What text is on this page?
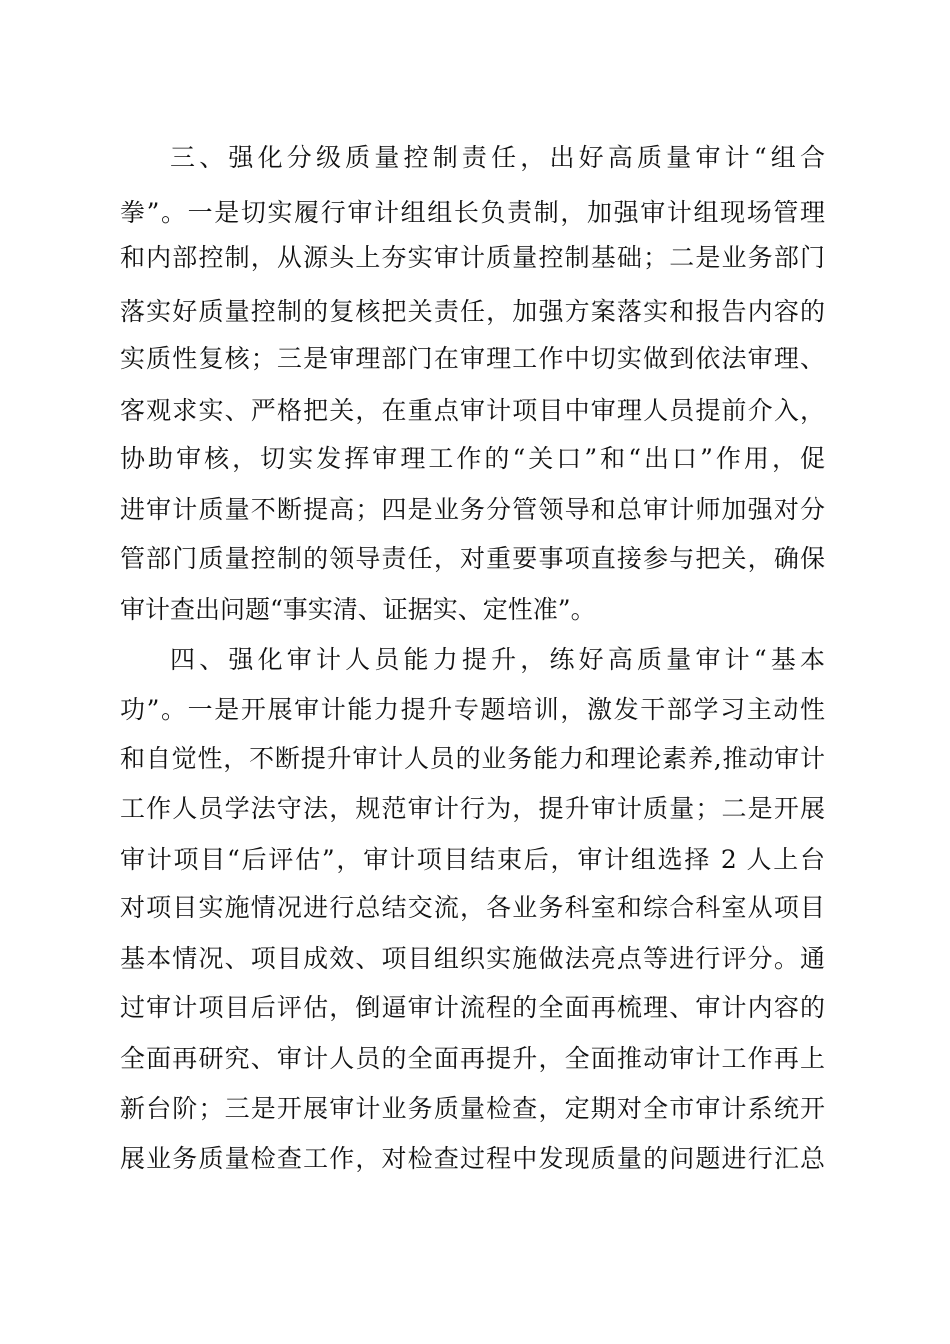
三、强化分级质量控制责任，出好高质量审计“组合
拳”。一是切实履行审计组组长负责制，加强审计组现场管理
和内部控制，从源头上夯实审计质量控制基础；二是业务部门
落实好质量控制的复核把关责任，加强方案落实和报告内容的
实质性复核；三是审理部门在审理工作中切实做到依法审理、
客观求实、严格把关，在重点审计项目中审理人员提前介入，
协助审核，切实发挥审理工作的“关口”和“出口”作用，促
进审计质量不断提高；四是业务分管领导和总审计师加强对分
管部门质量控制的领导责任，对重要事项直接参与把关，确保
审计查出问题“事实清、证据实、定性准”。
四、强化审计人员能力提升，练好高质量审计“基本
功”。一是开展审计能力提升专题培训，激发干部学习主动性
和自觉性，不断提升审计人员的业务能力和理论素养,推动审计
工作人员学法守法，规范审计行为，提升审计质量；二是开展
审计项目“后评估”，审计项目结束后，审计组选择 2 人上台
对项目实施情况进行总结交流，各业务科室和综合科室从项目
基本情况、项目成效、项目组织实施做法亮点等进行评分。通
过审计项目后评估，倒逼审计流程的全面再梳理、审计内容的
全面再研究、审计人员的全面再提升，全面推动审计工作再上
新台阶；三是开展审计业务质量检查，定期对全市审计系统开
展业务质量检查工作，对检查过程中发现质量的问题进行汇总
